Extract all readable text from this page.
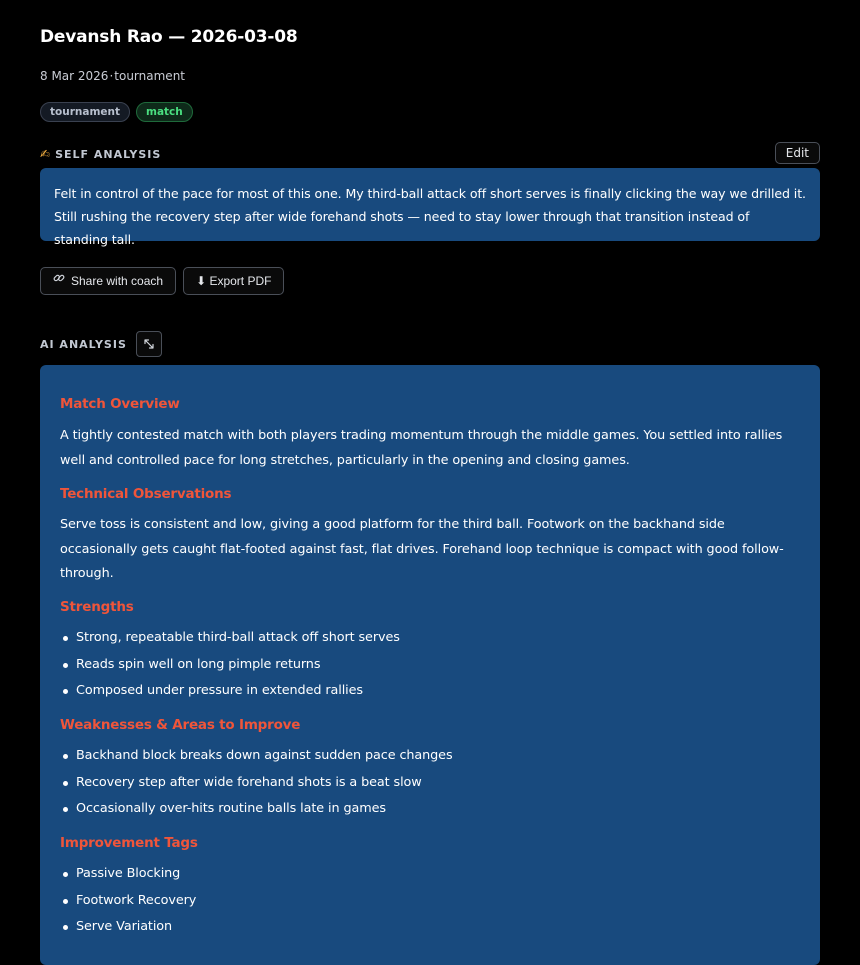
Devansh Rao — 2026-03-08
8 Mar 2026·tournament
tournament	match
✍ SELF ANALYSIS	Edit
Felt in control of the pace for most of this one. My third-ball attack off short serves is finally clicking the way we drilled it. Still rushing the recovery step after wide forehand shots — need to stay lower through that transition instead of standing tall.
Share with coach	⬇ Export PDF
AI ANALYSIS
Match Overview
A tightly contested match with both players trading momentum through the middle games. You settled into rallies well and controlled pace for long stretches, particularly in the opening and closing games.
Technical Observations
Serve toss is consistent and low, giving a good platform for the third ball. Footwork on the backhand side occasionally gets caught flat-footed against fast, flat drives. Forehand loop technique is compact with good follow-through.
Strengths
Strong, repeatable third-ball attack off short serves
Reads spin well on long pimple returns
Composed under pressure in extended rallies
Weaknesses & Areas to Improve
Backhand block breaks down against sudden pace changes
Recovery step after wide forehand shots is a beat slow
Occasionally over-hits routine balls late in games
Improvement Tags
Passive Blocking
Footwork Recovery
Serve Variation
